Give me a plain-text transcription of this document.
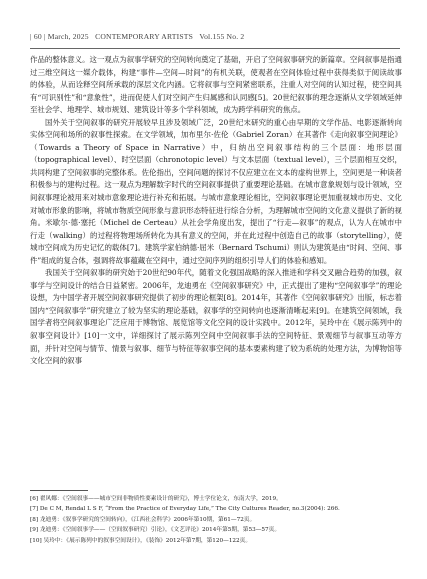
| 60 | March, 2025 CONTEMPORARY ARTISTS Vol.155 No. 2

作品的整体意义。这一观点为叙事学研究的空间转向奠定了基础，开启了空间叙事研究的新篇章。空间叙事是指通过三维空间这一媒介载体，构建“事件—空间—时间”的有机关联，使观者在空间体验过程中获得类似于阅读故事的体验，从而诠释空间所承载的深层文化内涵。它将叙事与空间紧密联系，注重人对空间的认知过程，使空间具有“可识别性”和“意象性”，进而促使人们对空间产生归属感和认同感[5]。20世纪叙事的理念逐渐从文学领域延伸至社会学、地理学、城市规划、建筑设计等多个学科领域，成为跨学科研究的焦点。

国外关于空间叙事的研究开展较早且涉及领域广泛，20世纪末研究的重心由早期的文学作品、电影逐渐转向实体空间和场所的叙事性探索。在文学领域，加布里尔·佐伦（Gabriel Zoran）在其著作《走向叙事空间理论》（Towards a Theory of Space in Narrative）中，归纳出空间叙事结构的三个层面：地形层面（topographical level）、时空层面（chronotopic level）与文本层面（textual level），三个层面相互交织，共同构建了空间叙事的完整体系。佐伦指出，空间问题的探讨不仅应建立在文本的虚构世界上，空间更是一种读者积极参与的建构过程。这一观点为理解数字时代的空间叙事提供了重要理论基础。在城市意象规划与设计领域，空间叙事理论被用来对城市意象理论进行补充和拓展。与城市意象理论相比，空间叙事理论更加重视城市历史、文化对城市形象的影响，将城市物质空间形象与意识形态特征进行综合分析，为理解城市空间的文化意义提供了新的视角。米歇尔·德·塞托（Michel de Certeau）从社会学角度出发，提出了“行走—叙事”的观点，认为人在城市中行走（walking）的过程将物理场所转化为具有意义的空间，并在此过程中创造自己的故事（storytelling），使城市空间成为历史记忆的载体[7]。建筑学家伯纳德·屈米（Bernard Tschumi）则认为建筑是由“时间、空间、事件”组成的复合体，强调将故事蕴藏在空间中，通过空间序列的组织引导人们的体验和感知。

我国关于空间叙事的研究始于20世纪90年代，随着文化强国战略的深入推进和学科交叉融合趋势的加强，叙事学与空间设计的结合日益紧密。2006年，龙迪勇在《空间叙事研究》中，正式提出了建构“空间叙事学”的理论设想，为中国学者开展空间叙事研究提供了初步的理论框架[8]。2014年，其著作《空间叙事研究》出版，标志着国内“空间叙事学”研究建立了较为坚实的理论基础，叙事学的空间转向也逐渐清晰起来[9]。在建筑空间领域，我国学者将空间叙事理论广泛应用于博物馆、展览馆等文化空间的设计实践中。2012年，吴玲中在《展示陈列中的叙事空间设计》[10]一文中，详细探讨了展示陈列空间中空间叙事手法的空间特征、景观细节与叙事互动等方面，并针对空间与情节、情景与叙事、细节与特征等叙事空间的基本要素构建了较为系统的处理方法，为博物馆等文化空间的叙事

[6] 翟风娜：《空间叙事——城市空间非物质性要素设计的研究》，博士学位论文，东南大学，2019。
[7] De C M, Rendal L S F, “From the Practice of Everyday Life,” The City Cultures Reader, no.3(2004): 266.
[8] 龙迪勇：《叙事学研究的空间转向》，《江西社会科学》2006年第10期，第61—72页。
[9] 龙迪勇：《空间叙事学——（空间叙事研究）引论》，《文艺评论》2014年第5期，第53—57页。
[10] 吴玲中：《展示陈列中的叙事空间设计》，《装饰》2012年第7期，第120—122页。
